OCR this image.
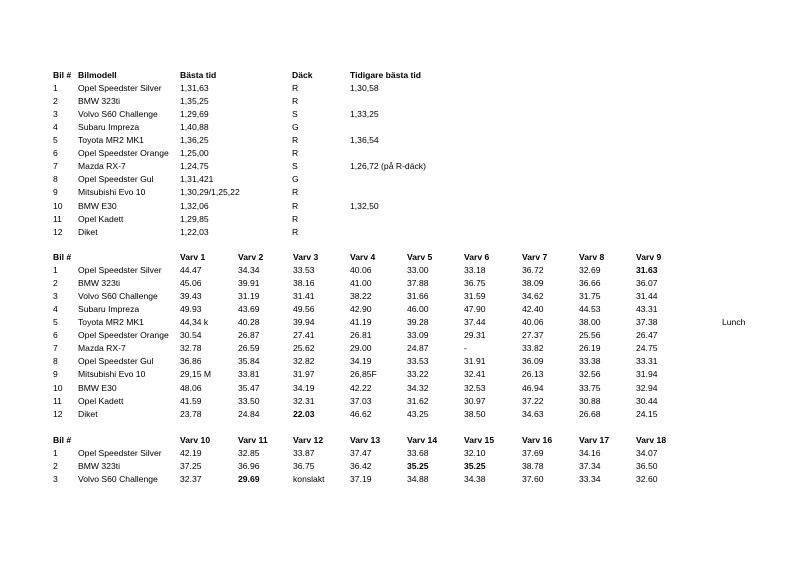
Bil # Bilmodell	Bästa tid	Däck	Tidigare bästa tid
1 Opel Speedster Silver 1,31,63	R	1,30,58
2 BMW 323ti	1,35,25	R
3 Volvo S60 Challenge	1,29,69	S	1,33,25
4 Subaru Impreza	1,40,88	G
5 Toyota MR2 MK1	1,36,25	R	1,36,54
6 Opel Speedster Orange 1,25,00	R
7 Mazda RX-7	1,24,75	S	1,26,72 (på R-däck)
8 Opel Speedster Gul	1,31,421	G
9 Mitsubishi Evo 10	1,30,29/1,25,22	R
10 BMW E30	1,32,06	R	1,32,50
11 Opel Kadett	1,29,85	R
12 Diket	1,22,03	R
Bil #	Varv 1	Varv 2	Varv 3	Varv 4	Varv 5	Varv 6	Varv 7	Varv 8	Varv 9
1 Opel Speedster Silver 44.47	34.34	33.53	40.06	33.00	33.18	36.72	32.69	31.63
2 BMW 323ti	45.06	39.91	38.16	41.00	37.88	36.75	38.09	36.66	36.07
3 Volvo S60 Challenge	39.43	31.19	31.41	38.22	31.66	31.59	34.62	31.75	31.44
4 Subaru Impreza	49.93	43.69	49.56	42.90	46.00	47.90	42.40	44.53	43.31
5 Toyota MR2 MK1	44,34 k	40.28	39.94	41.19	39.28	37.44	40.06	38.00	37.38
6 Opel Speedster Orange 30.54	26.87	27.41	26.81	33.09	29.31	27.37	25.56	26.47
7 Mazda RX-7	32.78	26.59	25.62	29.00	24.87	-	33.82	26.19	24.75
8 Opel Speedster Gul	36.86	35.84	32.82	34.19	33.53	31.91	36.09	33.38	33.31
9 Mitsubishi Evo 10	29,15 M	33.81	31.97	26,85F	33.22	32.41	26.13	32.56	31.94
10 BMW E30	48.06	35.47	34.19	42.22	34.32	32.53	46.94	33.75	32.94
11 Opel Kadett	41.59	33.50	32.31	37.03	31.62	30.97	37.22	30.88	30.44
12 Diket	23.78	24.84	22.03	46.62	43.25	38.50	34.63	26.68	24.15
Lunch
Bil #	Varv 10	Varv 11	Varv 12	Varv 13	Varv 14	Varv 15	Varv 16	Varv 17	Varv 18
1 Opel Speedster Silver 42.19	32.85	33.87	37.47	33.68	32.10	37.69	34.16	34.07
2 BMW 323ti	37.25	36.96	36.75	36.42	35.25	35.25	38.78	37.34	36.50
3 Volvo S60 Challenge	32.37	29.69	konslakt	37.19	34.88	34.38	37.60	33.34	32.60
